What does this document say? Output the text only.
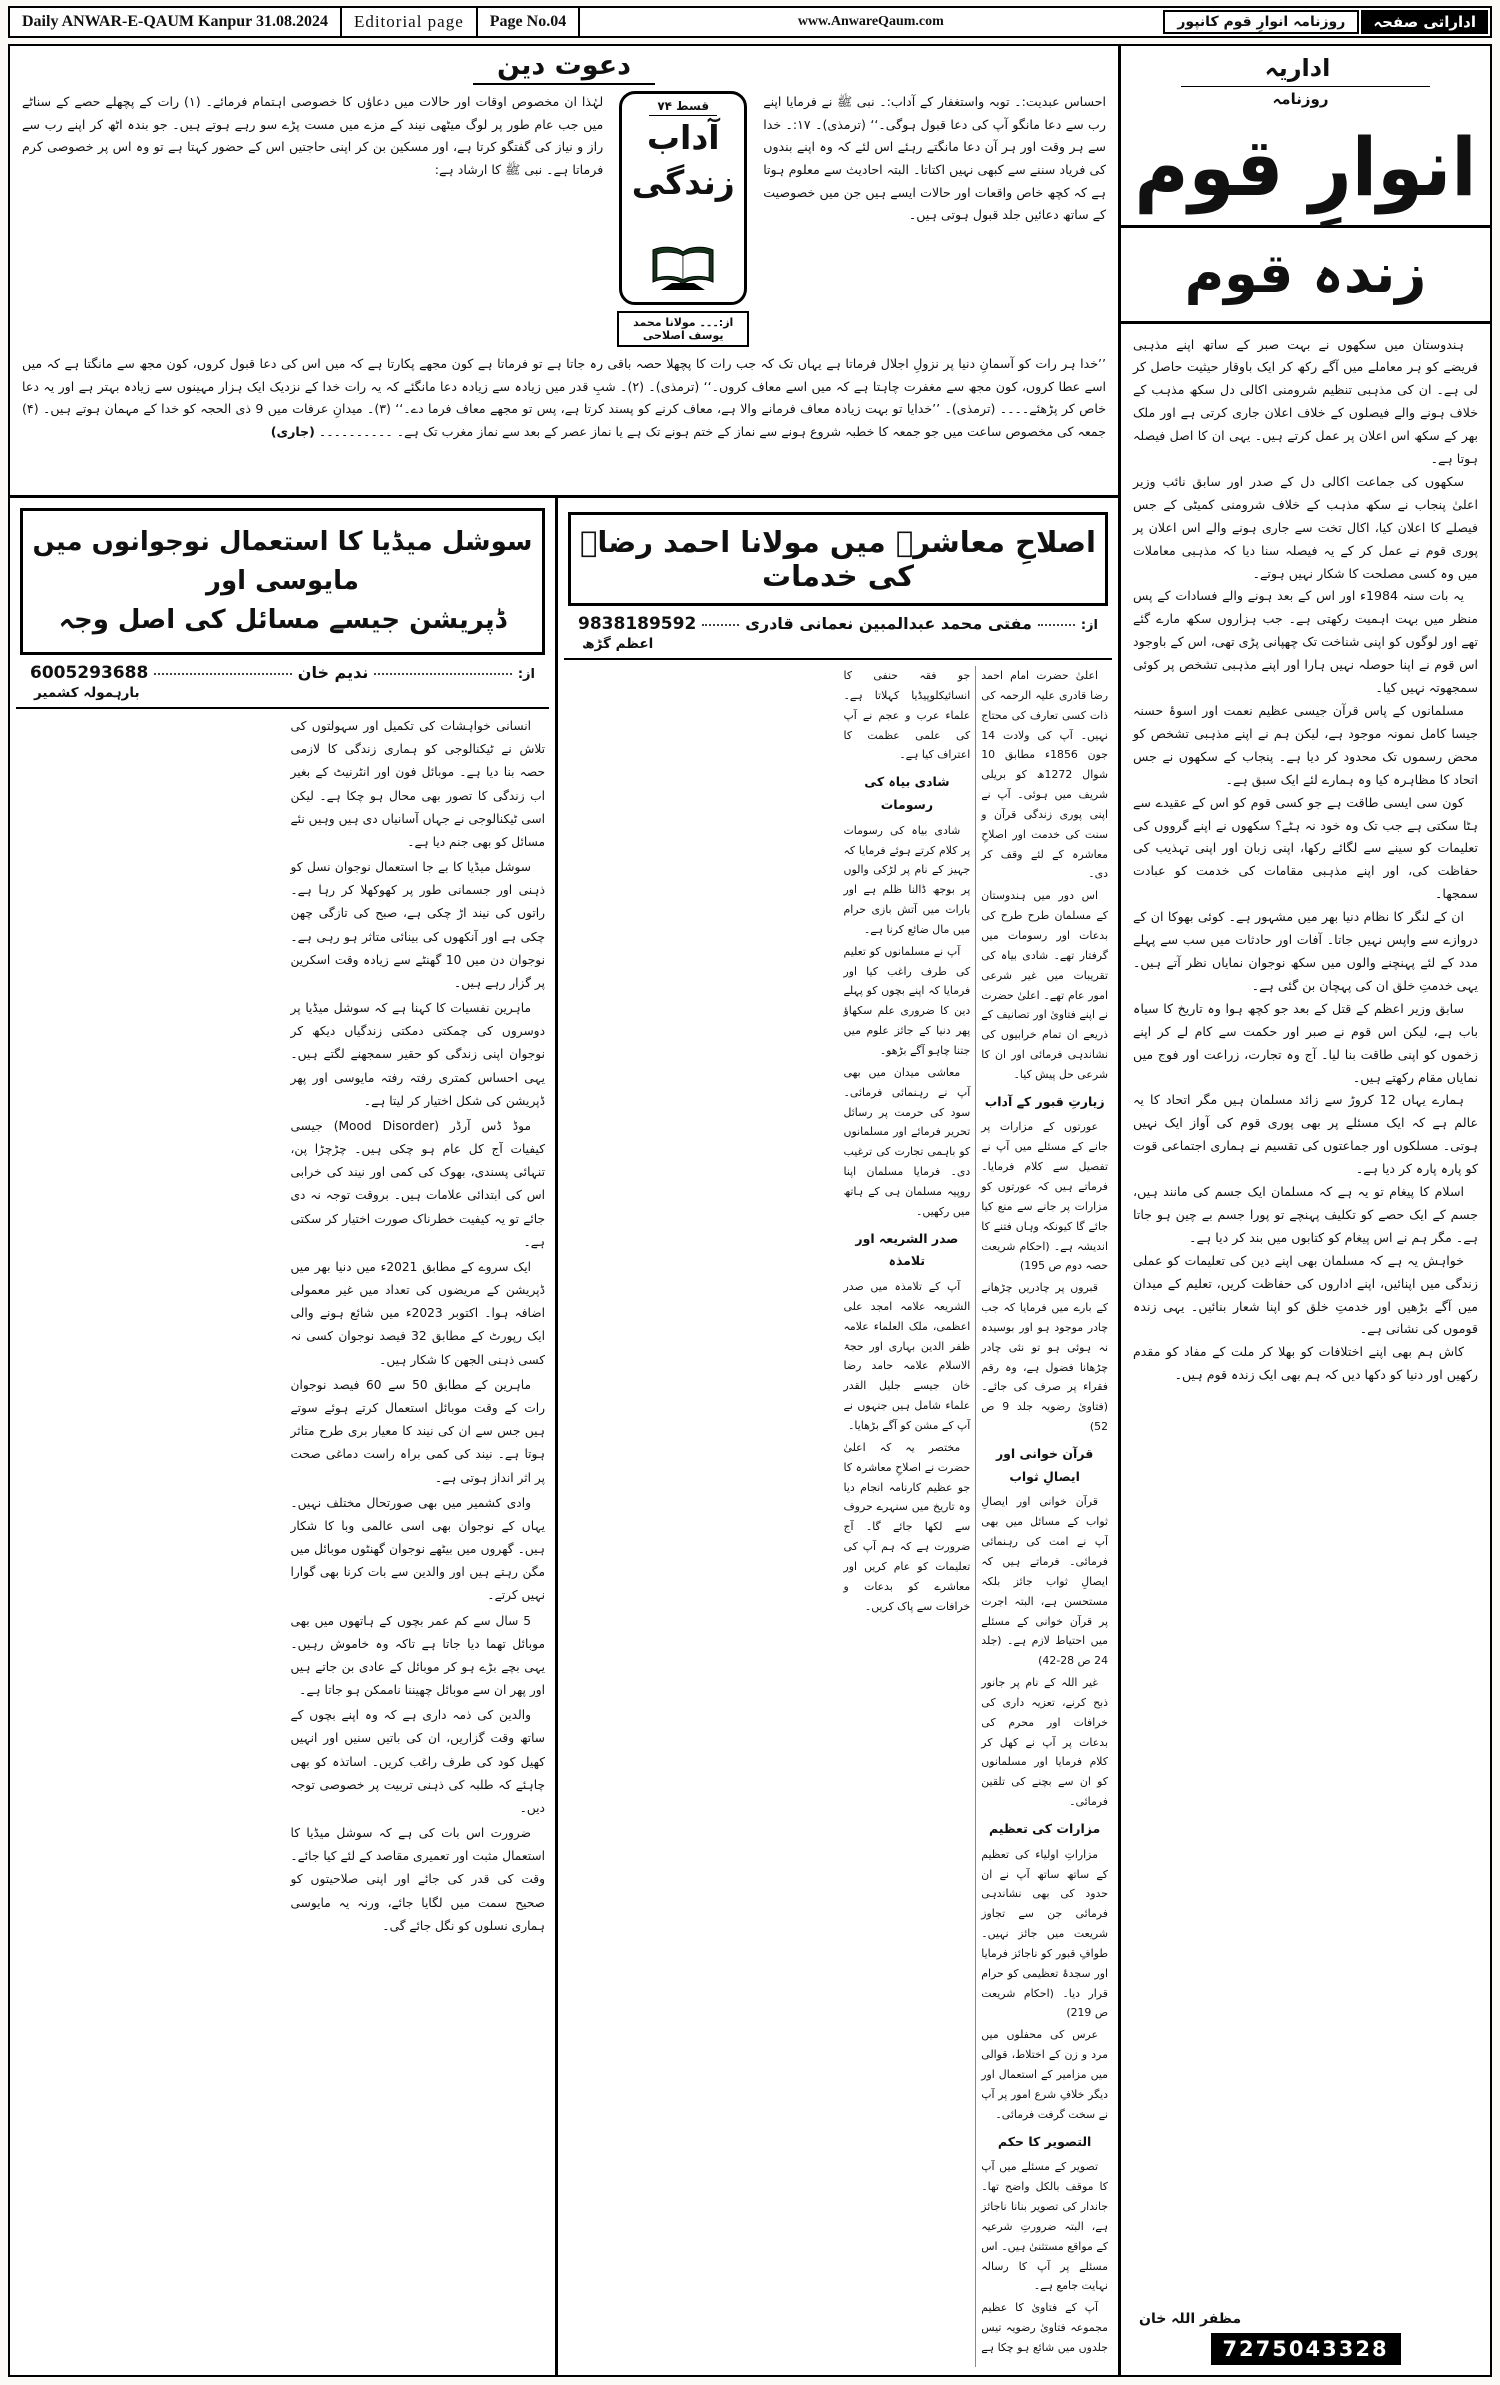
Daily ANWAR-E-QAUM Kanpur 31.08.2024	Editorial page	Page No.04	www.AnwareQaum.com	روزنامہ انوارِ قوم کانپور	اداراتی صفحہ
دعوت دین
احساس عبدیت:۔ توبہ واستغفار کے آداب:۔ نبی ﷺ نے فرمایا اپنے رب سے دعا مانگو آپ کی دعا قبول ہوگی۔‘‘ (ترمذی)۔ ۱۷:۔ خدا سے ہر وقت اور ہر آن دعا مانگتے رہئے اس لئے کہ وہ اپنے بندوں کی فریاد سننے سے کبھی نہیں اکتاتا۔ البتہ احادیث سے معلوم ہوتا ہے کہ کچھ خاص واقعات اور حالات ایسے ہیں جن میں خصوصیت کے ساتھ دعائیں جلد قبول ہوتی ہیں۔
قسط ۷۴
آداب
زندگی
از:۔۔۔ مولانا محمد یوسف اصلاحی
لہٰذا ان مخصوص اوقات اور حالات میں دعاؤں کا خصوصی اہتمام فرمائے۔ (۱) رات کے پچھلے حصے کے سناٹے میں جب عام طور پر لوگ میٹھی نیند کے مزے میں مست پڑے سو رہے ہوتے ہیں۔ جو بندہ اٹھ کر اپنے رب سے راز و نیاز کی گفتگو کرتا ہے، اور مسکین بن کر اپنی حاجتیں اس کے حضور کہتا ہے تو وہ اس پر خصوصی کرم فرماتا ہے۔ نبی ﷺ کا ارشاد ہے:
’’خدا ہر رات کو آسمانِ دنیا پر نزولِ اجلال فرماتا ہے یہاں تک کہ جب رات کا پچھلا حصہ باقی رہ جاتا ہے تو فرماتا ہے کون مجھے پکارتا ہے کہ میں اس کی دعا قبول کروں، کون مجھ سے مانگتا ہے کہ میں اسے عطا کروں، کون مجھ سے مغفرت چاہتا ہے کہ میں اسے معاف کروں۔‘‘ (ترمذی)۔ (۲)۔ شبِ قدر میں زیادہ سے زیادہ دعا مانگئے کہ یہ رات خدا کے نزدیک ایک ہزار مہینوں سے زیادہ بہتر ہے اور یہ دعا خاص کر پڑھئے۔۔۔۔ (ترمذی)۔ ’’خدایا تو بہت زیادہ معاف فرمانے والا ہے، معاف کرنے کو پسند کرتا ہے، پس تو مجھے معاف فرما دے۔‘‘ (۳)۔ میدانِ عرفات میں 9 ذی الحجہ کو خدا کے مہمان ہوتے ہیں۔ (۴) جمعہ کی مخصوص ساعت میں جو جمعہ کا خطبہ شروع ہونے سے نماز کے ختم ہونے تک ہے یا نماز عصر کے بعد سے نماز مغرب تک ہے۔ ۔۔۔۔۔۔۔۔۔۔ (جاری)
سوشل میڈیا کا استعمال نوجوانوں میں مایوسی اور
ڈپریشن جیسے مسائل کی اصل وجہ
از:
ندیم خان
6005293688
بارہمولہ کشمیر

انسانی خواہشات کی تکمیل اور سہولتوں کی تلاش نے ٹیکنالوجی کو ہماری زندگی کا لازمی حصہ بنا دیا ہے۔ موبائل فون اور انٹرنیٹ کے بغیر اب زندگی کا تصور بھی محال ہو چکا ہے۔ لیکن اسی ٹیکنالوجی نے جہاں آسانیاں دی ہیں وہیں نئے مسائل کو بھی جنم دیا ہے۔

سوشل میڈیا کا بے جا استعمال نوجوان نسل کو ذہنی اور جسمانی طور پر کھوکھلا کر رہا ہے۔ راتوں کی نیند اڑ چکی ہے، صبح کی تازگی چھن چکی ہے اور آنکھوں کی بینائی متاثر ہو رہی ہے۔ نوجوان دن میں 10 گھنٹے سے زیادہ وقت اسکرین پر گزار رہے ہیں۔

ماہرین نفسیات کا کہنا ہے کہ سوشل میڈیا پر دوسروں کی چمکتی دمکتی زندگیاں دیکھ کر نوجوان اپنی زندگی کو حقیر سمجھنے لگتے ہیں۔ یہی احساس کمتری رفتہ رفتہ مایوسی اور پھر ڈپریشن کی شکل اختیار کر لیتا ہے۔

موڈ ڈس آرڈر (Mood Disorder) جیسی کیفیات آج کل عام ہو چکی ہیں۔ چڑچڑا پن، تنہائی پسندی، بھوک کی کمی اور نیند کی خرابی اس کی ابتدائی علامات ہیں۔ بروقت توجہ نہ دی جائے تو یہ کیفیت خطرناک صورت اختیار کر سکتی ہے۔

ایک سروے کے مطابق 2021ء میں دنیا بھر میں ڈپریشن کے مریضوں کی تعداد میں غیر معمولی اضافہ ہوا۔ اکتوبر 2023ء میں شائع ہونے والی ایک رپورٹ کے مطابق 32 فیصد نوجوان کسی نہ کسی ذہنی الجھن کا شکار ہیں۔

ماہرین کے مطابق 50 سے 60 فیصد نوجوان رات کے وقت موبائل استعمال کرتے ہوئے سوتے ہیں جس سے ان کی نیند کا معیار بری طرح متاثر ہوتا ہے۔ نیند کی کمی براہ راست دماغی صحت پر اثر انداز ہوتی ہے۔

وادی کشمیر میں بھی صورتحال مختلف نہیں۔ یہاں کے نوجوان بھی اسی عالمی وبا کا شکار ہیں۔ گھروں میں بیٹھے نوجوان گھنٹوں موبائل میں مگن رہتے ہیں اور والدین سے بات کرنا بھی گوارا نہیں کرتے۔

5 سال سے کم عمر بچوں کے ہاتھوں میں بھی موبائل تھما دیا جاتا ہے تاکہ وہ خاموش رہیں۔ یہی بچے بڑے ہو کر موبائل کے عادی بن جاتے ہیں اور پھر ان سے موبائل چھیننا ناممکن ہو جاتا ہے۔

والدین کی ذمہ داری ہے کہ وہ اپنے بچوں کے ساتھ وقت گزاریں، ان کی باتیں سنیں اور انہیں کھیل کود کی طرف راغب کریں۔ اساتذہ کو بھی چاہئے کہ طلبہ کی ذہنی تربیت پر خصوصی توجہ دیں۔

ضرورت اس بات کی ہے کہ سوشل میڈیا کا استعمال مثبت اور تعمیری مقاصد کے لئے کیا جائے۔ وقت کی قدر کی جائے اور اپنی صلاحیتوں کو صحیح سمت میں لگایا جائے، ورنہ یہ مایوسی ہماری نسلوں کو نگل جائے گی۔

اصلاحِ معاشرہ میں مولانا احمد رضاؒ کی خدمات
از:
مفتی محمد عبدالمبین نعمانی قادری
9838189592
اعظم گڑھ

اعلیٰ حضرت امام احمد رضا قادری علیہ الرحمہ کی ذات کسی تعارف کی محتاج نہیں۔ آپ کی ولادت 14 جون 1856ء مطابق 10 شوال 1272ھ کو بریلی شریف میں ہوئی۔ آپ نے اپنی پوری زندگی قرآن و سنت کی خدمت اور اصلاحِ معاشرہ کے لئے وقف کر دی۔

اس دور میں ہندوستان کے مسلمان طرح طرح کی بدعات اور رسومات میں گرفتار تھے۔ شادی بیاہ کی تقریبات میں غیر شرعی امور عام تھے۔ اعلیٰ حضرت نے اپنے فتاویٰ اور تصانیف کے ذریعے ان تمام خرابیوں کی نشاندہی فرمائی اور ان کا شرعی حل پیش کیا۔

زیارتِ قبور کے آداب

عورتوں کے مزارات پر جانے کے مسئلے میں آپ نے تفصیل سے کلام فرمایا۔ فرماتے ہیں کہ عورتوں کو مزارات پر جانے سے منع کیا جائے گا کیونکہ وہاں فتنے کا اندیشہ ہے۔ (احکام شریعت حصہ دوم ص 195)

قبروں پر چادریں چڑھانے کے بارے میں فرمایا کہ جب چادر موجود ہو اور بوسیدہ نہ ہوئی ہو تو نئی چادر چڑھانا فضول ہے، وہ رقم فقراء پر صرف کی جائے۔ (فتاویٰ رضویہ جلد 9 ص 52)

قرآن خوانی اور ایصالِ ثواب

قرآن خوانی اور ایصالِ ثواب کے مسائل میں بھی آپ نے امت کی رہنمائی فرمائی۔ فرماتے ہیں کہ ایصالِ ثواب جائز بلکہ مستحسن ہے، البتہ اجرت پر قرآن خوانی کے مسئلے میں احتیاط لازم ہے۔ (جلد 24 ص 28-42)

غیر اللہ کے نام پر جانور ذبح کرنے، تعزیہ داری کی خرافات اور محرم کی بدعات پر آپ نے کھل کر کلام فرمایا اور مسلمانوں کو ان سے بچنے کی تلقین فرمائی۔

مزارات کی تعظیم

مزاراتِ اولیاء کی تعظیم کے ساتھ ساتھ آپ نے ان حدود کی بھی نشاندہی فرمائی جن سے تجاوز شریعت میں جائز نہیں۔ طوافِ قبور کو ناجائز فرمایا اور سجدۂ تعظیمی کو حرام قرار دیا۔ (احکام شریعت ص 219)

عرس کی محفلوں میں مرد و زن کے اختلاط، قوالی میں مزامیر کے استعمال اور دیگر خلافِ شرع امور پر آپ نے سخت گرفت فرمائی۔

التصویر کا حکم

تصویر کے مسئلے میں آپ کا موقف بالکل واضح تھا۔ جاندار کی تصویر بنانا ناجائز ہے، البتہ ضرورتِ شرعیہ کے مواقع مستثنیٰ ہیں۔ اس مسئلے پر آپ کا رسالہ نہایت جامع ہے۔

آپ کے فتاویٰ کا عظیم مجموعہ فتاویٰ رضویہ تیس جلدوں میں شائع ہو چکا ہے جو فقہ حنفی کا انسائیکلوپیڈیا کہلاتا ہے۔ علماء عرب و عجم نے آپ کی علمی عظمت کا اعتراف کیا ہے۔

شادی بیاہ کی رسومات

شادی بیاہ کی رسومات پر کلام کرتے ہوئے فرمایا کہ جہیز کے نام پر لڑکی والوں پر بوجھ ڈالنا ظلم ہے اور بارات میں آتش بازی حرام میں مال ضائع کرنا ہے۔

آپ نے مسلمانوں کو تعلیم کی طرف راغب کیا اور فرمایا کہ اپنے بچوں کو پہلے دین کا ضروری علم سکھاؤ پھر دنیا کے جائز علوم میں جتنا چاہو آگے بڑھو۔

معاشی میدان میں بھی آپ نے رہنمائی فرمائی۔ سود کی حرمت پر رسائل تحریر فرمائے اور مسلمانوں کو باہمی تجارت کی ترغیب دی۔ فرمایا مسلمان اپنا روپیہ مسلمان ہی کے ہاتھ میں رکھیں۔

صدر الشریعہ اور تلامذہ

آپ کے تلامذہ میں صدر الشریعہ علامہ امجد علی اعظمی، ملک العلماء علامہ ظفر الدین بہاری اور حجۃ الاسلام علامہ حامد رضا خان جیسے جلیل القدر علماء شامل ہیں جنہوں نے آپ کے مشن کو آگے بڑھایا۔

مختصر یہ کہ اعلیٰ حضرت نے اصلاحِ معاشرہ کا جو عظیم کارنامہ انجام دیا وہ تاریخ میں سنہرے حروف سے لکھا جائے گا۔ آج ضرورت ہے کہ ہم آپ کی تعلیمات کو عام کریں اور معاشرے کو بدعات و خرافات سے پاک کریں۔

اداریہ
روزنامہ
انوارِ قوم
زندہ قوم

ہندوستان میں سکھوں نے بہت صبر کے ساتھ اپنے مذہبی فریضے کو ہر معاملے میں آگے رکھ کر ایک باوقار حیثیت حاصل کر لی ہے۔ ان کی مذہبی تنظیم شرومنی اکالی دل سکھ مذہب کے خلاف ہونے والے فیصلوں کے خلاف اعلان جاری کرتی ہے اور ملک بھر کے سکھ اس اعلان پر عمل کرتے ہیں۔ یہی ان کا اصل فیصلہ ہوتا ہے۔

سکھوں کی جماعت اکالی دل کے صدر اور سابق نائب وزیر اعلیٰ پنجاب نے سکھ مذہب کے خلاف شرومنی کمیٹی کے جس فیصلے کا اعلان کیا، اکال تخت سے جاری ہونے والے اس اعلان پر پوری قوم نے عمل کر کے یہ فیصلہ سنا دیا کہ مذہبی معاملات میں وہ کسی مصلحت کا شکار نہیں ہوتے۔

یہ بات سنہ 1984ء اور اس کے بعد ہونے والے فسادات کے پس منظر میں بہت اہمیت رکھتی ہے۔ جب ہزاروں سکھ مارے گئے تھے اور لوگوں کو اپنی شناخت تک چھپانی پڑی تھی، اس کے باوجود اس قوم نے اپنا حوصلہ نہیں ہارا اور اپنے مذہبی تشخص پر کوئی سمجھوتہ نہیں کیا۔

مسلمانوں کے پاس قرآن جیسی عظیم نعمت اور اسوۂ حسنہ جیسا کامل نمونہ موجود ہے، لیکن ہم نے اپنے مذہبی تشخص کو محض رسموں تک محدود کر دیا ہے۔ پنجاب کے سکھوں نے جس اتحاد کا مظاہرہ کیا وہ ہمارے لئے ایک سبق ہے۔

کون سی ایسی طاقت ہے جو کسی قوم کو اس کے عقیدے سے ہٹا سکتی ہے جب تک وہ خود نہ ہٹے؟ سکھوں نے اپنے گرووں کی تعلیمات کو سینے سے لگائے رکھا، اپنی زبان اور اپنی تہذیب کی حفاظت کی، اور اپنے مذہبی مقامات کی خدمت کو عبادت سمجھا۔

ان کے لنگر کا نظام دنیا بھر میں مشہور ہے۔ کوئی بھوکا ان کے دروازے سے واپس نہیں جاتا۔ آفات اور حادثات میں سب سے پہلے مدد کے لئے پہنچنے والوں میں سکھ نوجوان نمایاں نظر آتے ہیں۔ یہی خدمتِ خلق ان کی پہچان بن گئی ہے۔

سابق وزیر اعظم کے قتل کے بعد جو کچھ ہوا وہ تاریخ کا سیاہ باب ہے، لیکن اس قوم نے صبر اور حکمت سے کام لے کر اپنے زخموں کو اپنی طاقت بنا لیا۔ آج وہ تجارت، زراعت اور فوج میں نمایاں مقام رکھتے ہیں۔

ہمارے یہاں 12 کروڑ سے زائد مسلمان ہیں مگر اتحاد کا یہ عالم ہے کہ ایک مسئلے پر بھی پوری قوم کی آواز ایک نہیں ہوتی۔ مسلکوں اور جماعتوں کی تقسیم نے ہماری اجتماعی قوت کو پارہ پارہ کر دیا ہے۔

اسلام کا پیغام تو یہ ہے کہ مسلمان ایک جسم کی مانند ہیں، جسم کے ایک حصے کو تکلیف پہنچے تو پورا جسم بے چین ہو جاتا ہے۔ مگر ہم نے اس پیغام کو کتابوں میں بند کر دیا ہے۔

خواہش یہ ہے کہ مسلمان بھی اپنے دین کی تعلیمات کو عملی زندگی میں اپنائیں، اپنے اداروں کی حفاظت کریں، تعلیم کے میدان میں آگے بڑھیں اور خدمتِ خلق کو اپنا شعار بنائیں۔ یہی زندہ قوموں کی نشانی ہے۔

کاش ہم بھی اپنے اختلافات کو بھلا کر ملت کے مفاد کو مقدم رکھیں اور دنیا کو دکھا دیں کہ ہم بھی ایک زندہ قوم ہیں۔

مظفر اللہ خان
7275043328
